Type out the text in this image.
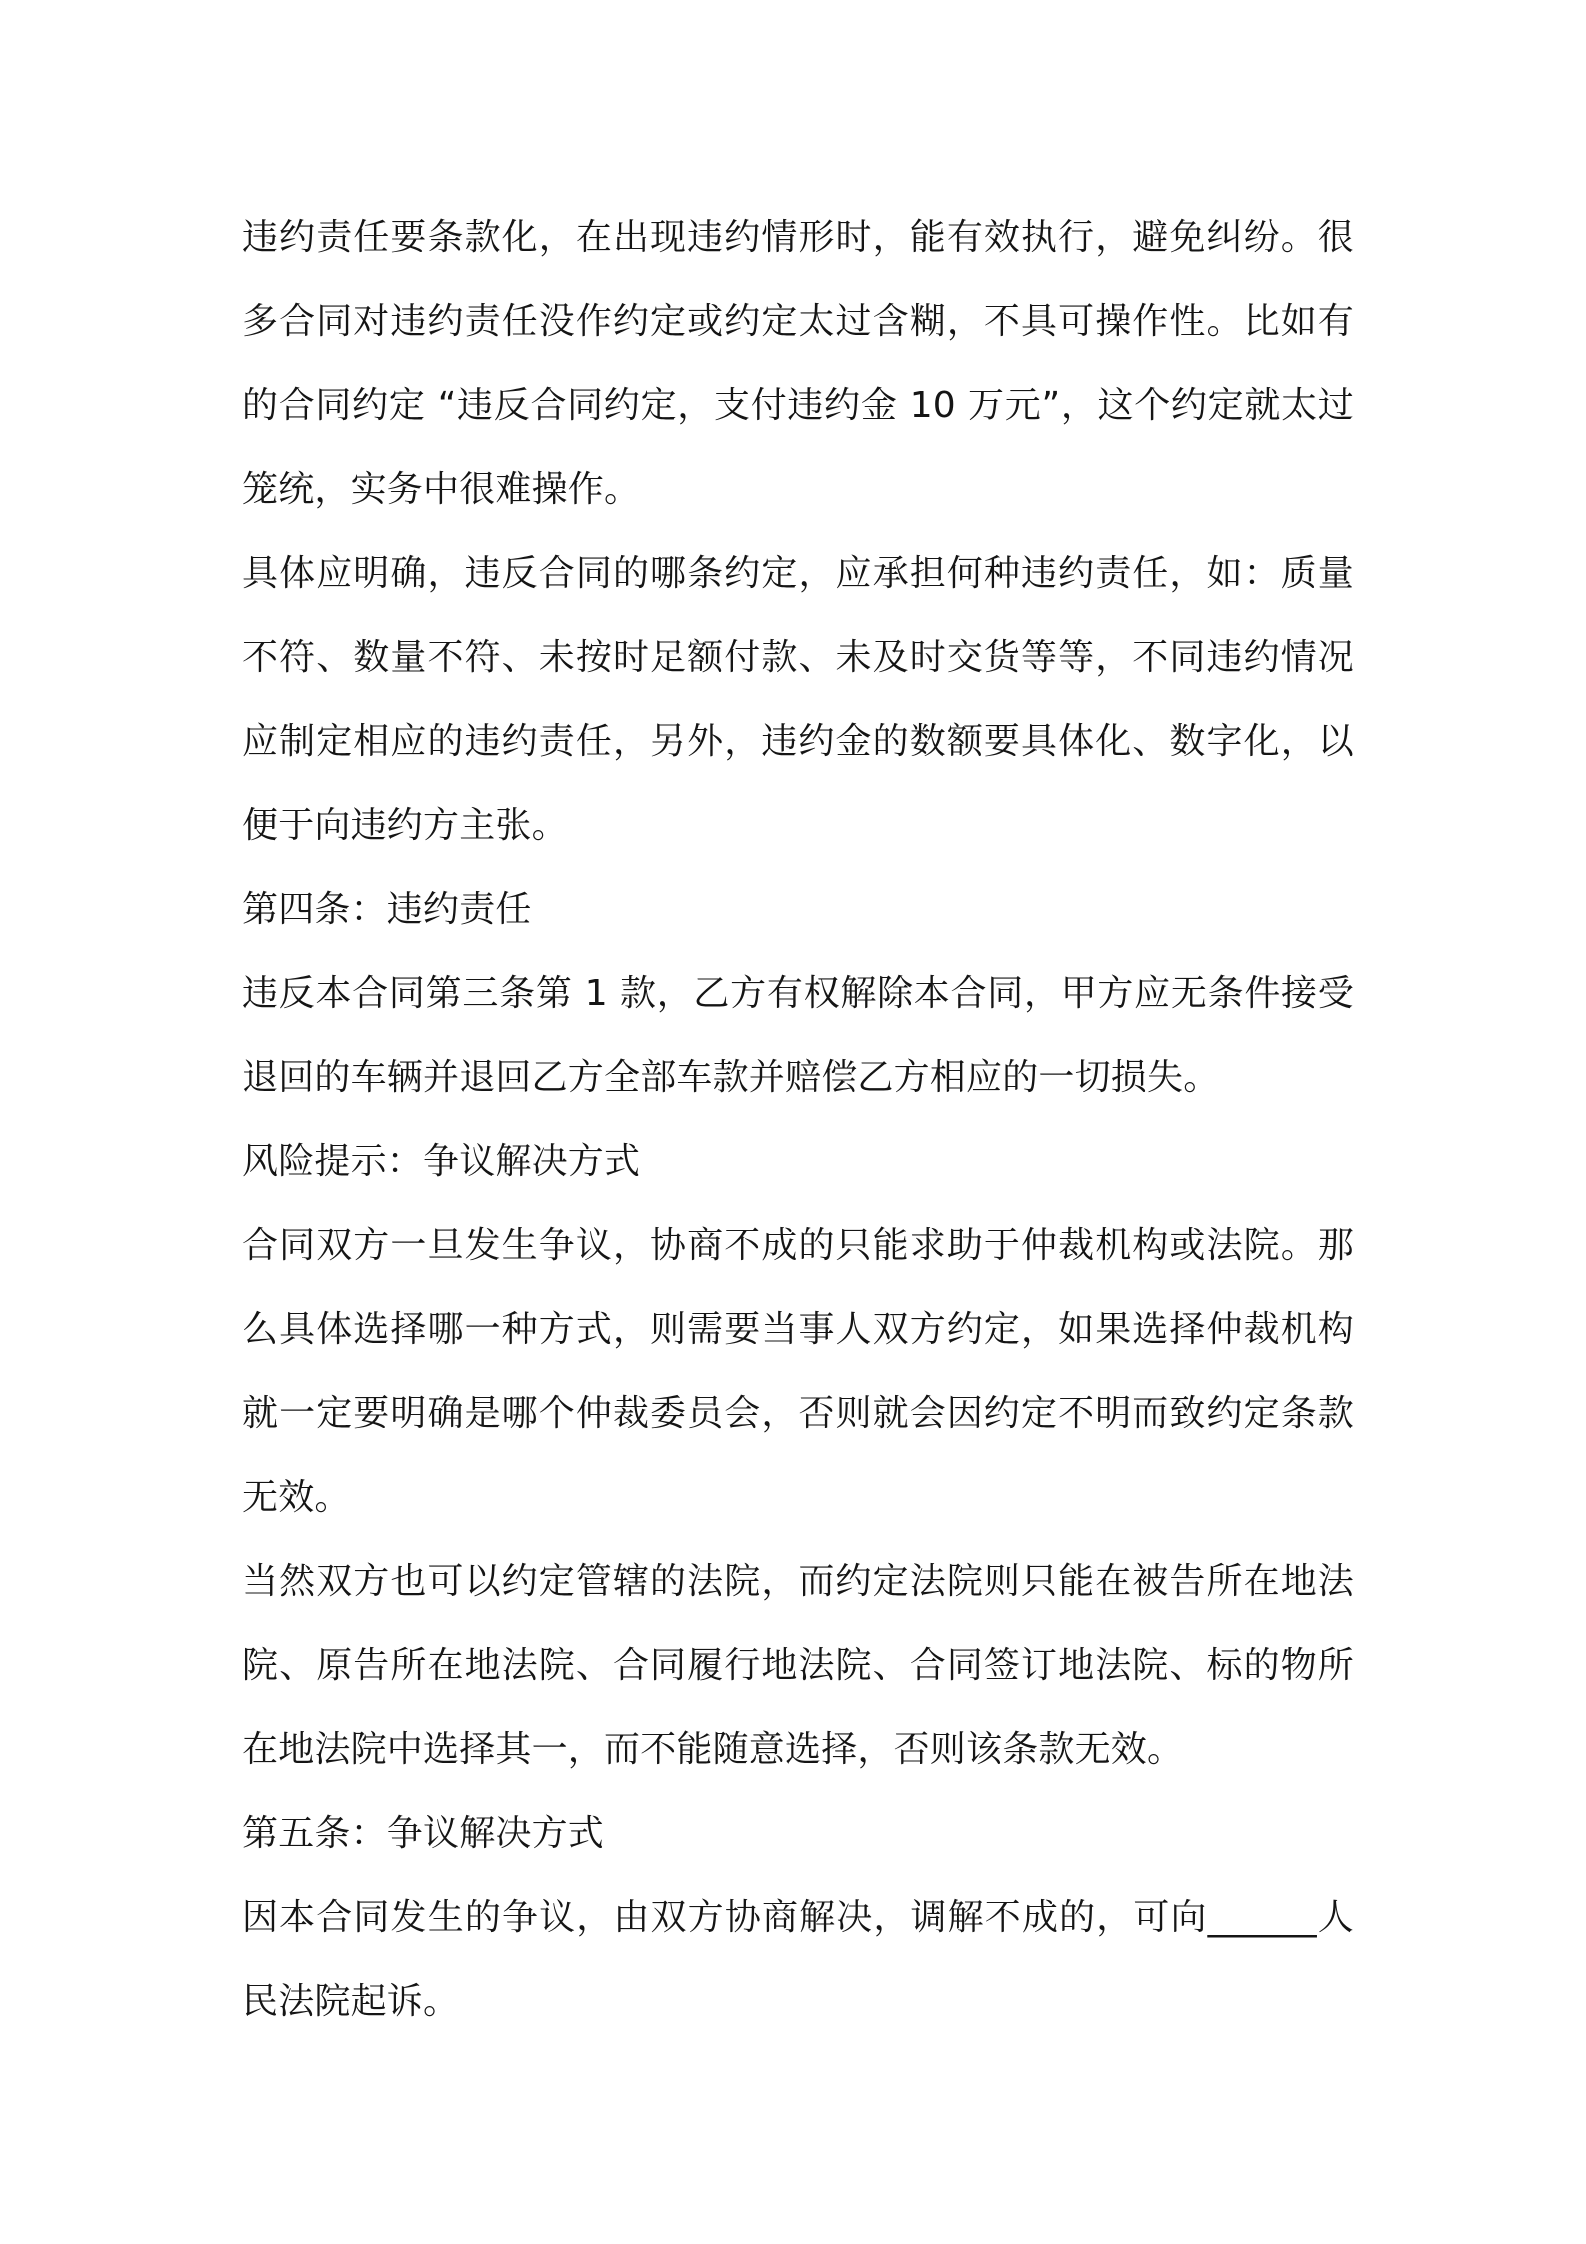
违约责任要条款化，在出现违约情形时，能有效执行，避免纠纷。很多合同对违约责任没作约定或约定太过含糊，不具可操作性。比如有的合同约定 “违反合同约定，支付违约金 10 万元”，这个约定就太过笼统，实务中很难操作。

具体应明确，违反合同的哪条约定，应承担何种违约责任，如：质量不符、数量不符、未按时足额付款、未及时交货等等，不同违约情况应制定相应的违约责任，另外，违约金的数额要具体化、数字化，以便于向违约方主张。

第四条：违约责任

违反本合同第三条第 1 款，乙方有权解除本合同，甲方应无条件接受退回的车辆并退回乙方全部车款并赔偿乙方相应的一切损失。

风险提示：争议解决方式

合同双方一旦发生争议，协商不成的只能求助于仲裁机构或法院。那么具体选择哪一种方式，则需要当事人双方约定，如果选择仲裁机构就一定要明确是哪个仲裁委员会，否则就会因约定不明而致约定条款无效。

当然双方也可以约定管辖的法院，而约定法院则只能在被告所在地法院、原告所在地法院、合同履行地法院、合同签订地法院、标的物所在地法院中选择其一，而不能随意选择，否则该条款无效。

第五条：争议解决方式

因本合同发生的争议，由双方协商解决，调解不成的，可向______人民法院起诉。
